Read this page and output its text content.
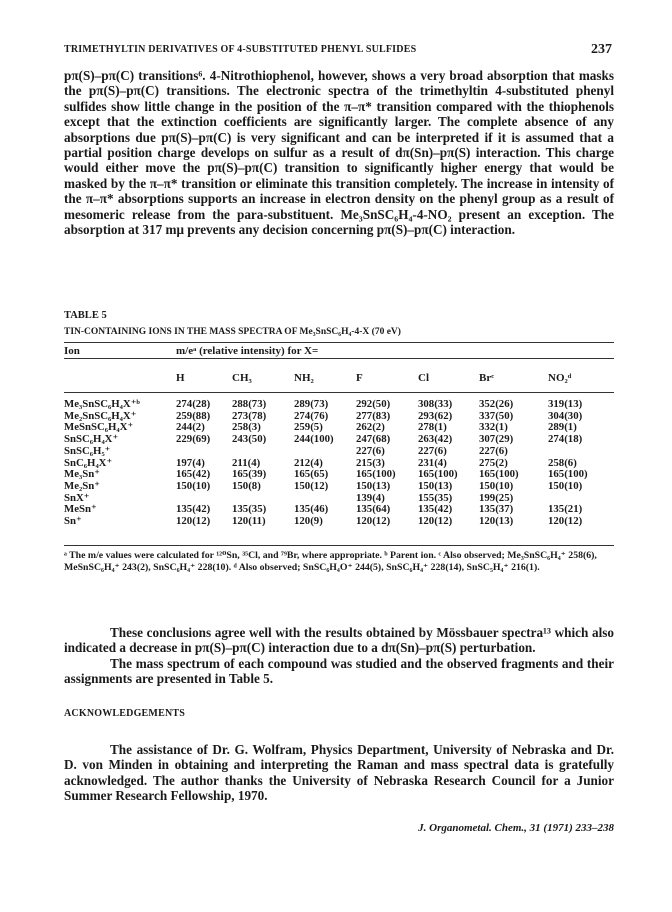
TRIMETHYLTIN DERIVATIVES OF 4-SUBSTITUTED PHENYL SULFIDES	237
pπ(S)–pπ(C) transitions⁶. 4-Nitrothiophenol, however, shows a very broad absorption that masks the pπ(S)–pπ(C) transitions. The electronic spectra of the trimethyltin 4-substituted phenyl sulfides show little change in the position of the π–π* transition compared with the thiophenols except that the extinction coefficients are significantly larger. The complete absence of any absorptions due pπ(S)–pπ(C) is very significant and can be interpreted if it is assumed that a partial position charge develops on sulfur as a result of dπ(Sn)–pπ(S) interaction. This charge would either move the pπ(S)–pπ(C) transition to significantly higher energy that would be masked by the π–π* transition or eliminate this transition completely. The increase in intensity of the π–π* absorptions supports an increase in electron density on the phenyl group as a result of mesomeric release from the para-substituent. Me₃SnSC₆H₄-4-NO₂ present an exception. The absorption at 317 mμ prevents any decision concerning pπ(S)–pπ(C) interaction.
TABLE 5
TIN-CONTAINING IONS IN THE MASS SPECTRA OF Me₃SnSC₆H₄-4-X (70 eV)
Ion	m/eᵃ (relative intensity) for X=
H	CH₃	NH₂	F	Cl	Brᶜ	NO₂ᵈ
Me₃SnSC₆H₄X⁺ᵇ	274(28)	288(73)	289(73)	292(50)	308(33)	352(26)	319(13)
Me₂SnSC₆H₄X⁺	259(88)	273(78)	274(76)	277(83)	293(62)	337(50)	304(30)
MeSnSC₆H₄X⁺	244(2)	258(3)	259(5)	262(2)	278(1)	332(1)	289(1)
SnSC₆H₄X⁺	229(69)	243(50)	244(100)	247(68)	263(42)	307(29)	274(18)
SnSC₆H₅⁺				227(6)	227(6)	227(6)	
SnC₆H₄X⁺	197(4)	211(4)	212(4)	215(3)	231(4)	275(2)	258(6)
Me₃Sn⁺	165(42)	165(39)	165(65)	165(100)	165(100)	165(100)	165(100)
Me₂Sn⁺	150(10)	150(8)	150(12)	150(13)	150(13)	150(10)	150(10)
SnX⁺				139(4)	155(35)	199(25)	
MeSn⁺	135(42)	135(35)	135(46)	135(64)	135(42)	135(37)	135(21)
Sn⁺	120(12)	120(11)	120(9)	120(12)	120(12)	120(13)	120(12)
ᵃ The m/e values were calculated for ¹²⁰Sn, ³⁵Cl, and ⁷⁹Br, where appropriate. ᵇ Parent ion. ᶜ Also observed; Me₃SnSC₆H₄⁺ 258(6), MeSnSC₆H₄⁺ 243(2), SnSC₆H₄⁺ 228(10). ᵈ Also observed; SnSC₆H₄O⁺ 244(5), SnSC₆H₄⁺ 228(14), SnSC₅H₄⁺ 216(1).
These conclusions agree well with the results obtained by Mössbauer spectra¹³ which also indicated a decrease in pπ(S)–pπ(C) interaction due to a dπ(Sn)–pπ(S) perturbation.
The mass spectrum of each compound was studied and the observed fragments and their assignments are presented in Table 5.
ACKNOWLEDGEMENTS
The assistance of Dr. G. Wolfram, Physics Department, University of Nebraska and Dr. D. von Minden in obtaining and interpreting the Raman and mass spectral data is gratefully acknowledged. The author thanks the University of Nebraska Research Council for a Junior Summer Research Fellowship, 1970.
J. Organometal. Chem., 31 (1971) 233–238
